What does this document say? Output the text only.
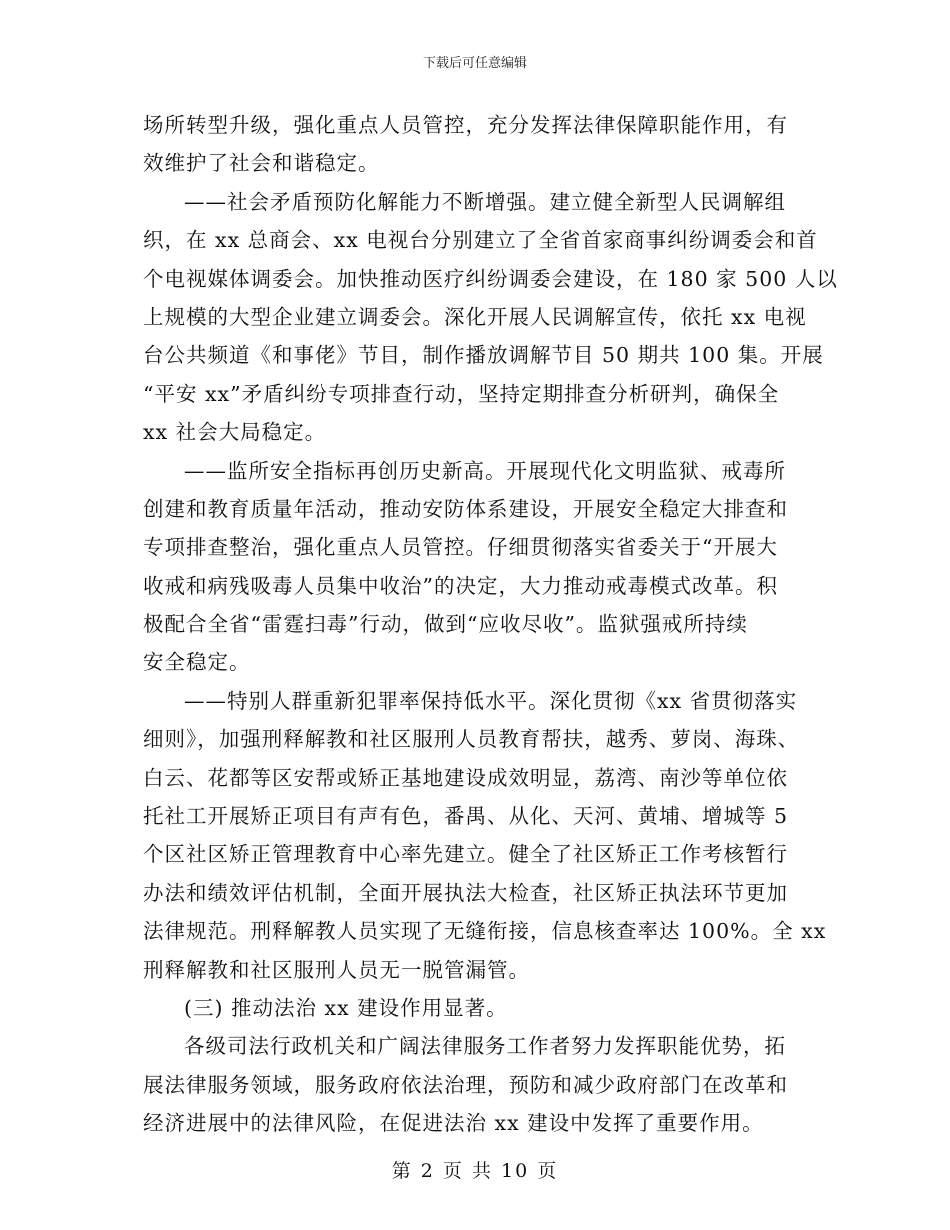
下载后可任意编辑
场所转型升级，强化重点人员管控，充分发挥法律保障职能作用，有
效维护了社会和谐稳定。
——社会矛盾预防化解能力不断增强。建立健全新型人民调解组
织，在 xx 总商会、xx 电视台分别建立了全省首家商事纠纷调委会和首
个电视媒体调委会。加快推动医疗纠纷调委会建设，在 180 家 500 人以
上规模的大型企业建立调委会。深化开展人民调解宣传，依托 xx 电视
台公共频道《和事佬》节目，制作播放调解节目 50 期共 100 集。开展
“平安 xx”矛盾纠纷专项排查行动，坚持定期排查分析研判，确保全
xx 社会大局稳定。
——监所安全指标再创历史新高。开展现代化文明监狱、戒毒所
创建和教育质量年活动，推动安防体系建设，开展安全稳定大排查和
专项排查整治，强化重点人员管控。仔细贯彻落实省委关于“开展大
收戒和病残吸毒人员集中收治”的决定，大力推动戒毒模式改革。积
极配合全省“雷霆扫毒”行动，做到“应收尽收”。监狱强戒所持续
安全稳定。
——特别人群重新犯罪率保持低水平。深化贯彻《xx 省贯彻落实
细则》，加强刑释解教和社区服刑人员教育帮扶，越秀、萝岗、海珠、
白云、花都等区安帮或矫正基地建设成效明显，荔湾、南沙等单位依
托社工开展矫正项目有声有色，番禺、从化、天河、黄埔、增城等 5
个区社区矫正管理教育中心率先建立。健全了社区矫正工作考核暂行
办法和绩效评估机制，全面开展执法大检查，社区矫正执法环节更加
法律规范。刑释解教人员实现了无缝衔接，信息核查率达 100%。全 xx
刑释解教和社区服刑人员无一脱管漏管。
(三) 推动法治 xx 建设作用显著。
各级司法行政机关和广阔法律服务工作者努力发挥职能优势，拓
展法律服务领域，服务政府依法治理，预防和减少政府部门在改革和
经济进展中的法律风险，在促进法治 xx 建设中发挥了重要作用。
第 2 页 共 10 页
